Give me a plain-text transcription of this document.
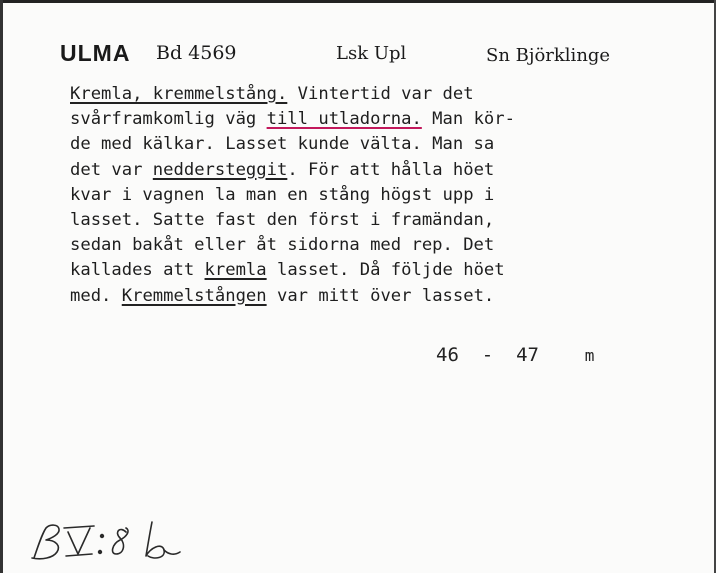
ULMA Bd 4569	Lsk Upl	Sn Björklinge
Kremla, kremmelstång. Vintertid var det
svårframkomlig väg till utladorna. Man kör-
de med kälkar. Lasset kunde välta. Man sa
det var neddersteggit. För att hålla höet
kvar i vagnen la man en stång högst upp i
lasset. Satte fast den först i framändan,
sedan bakåt eller åt sidorna med rep. Det
kallades att kremla lasset. Då följde höet
med. Kremmelstången var mitt över lasset.
46  -  47	m
